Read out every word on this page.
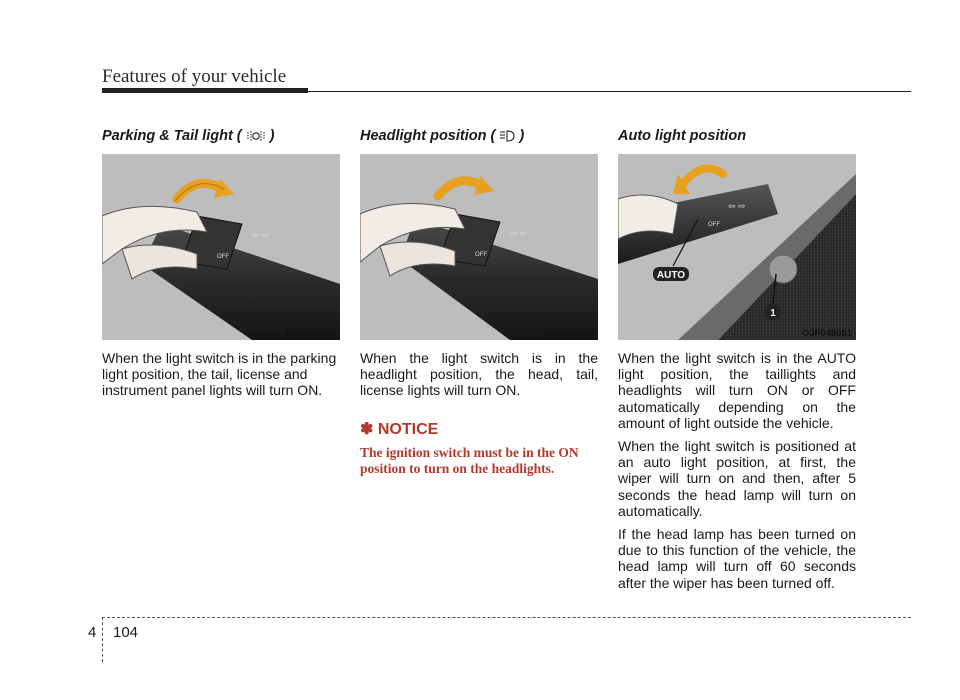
Features of your vehicle
Parking & Tail light ( )
⇦ ⇨
OFF
OJF045047

When the light switch is in the parking light position, the tail, license and instrument panel lights will turn ON.

Headlight position ( )
⇦ ⇨
OFF
OJF045049

When the light switch is in the headlight position, the head, tail, license lights will turn ON.

✽ NOTICE
The ignition switch must be in the ON position to turn on the headlights.
Auto light position
⇦ ⇨
OFF
AUTO
1
OJF045051

When the light switch is in the AUTO light position, the taillights and headlights will turn ON or OFF automatically depending on the amount of light outside the vehicle.

When the light switch is positioned at an auto light position, at first, the wiper will turn on and then, after 5 seconds the head lamp will turn on automatically.

If the head lamp has been turned on due to this function of the vehicle, the head lamp will turn off 60 seconds after the wiper has been turned off.

4 104
